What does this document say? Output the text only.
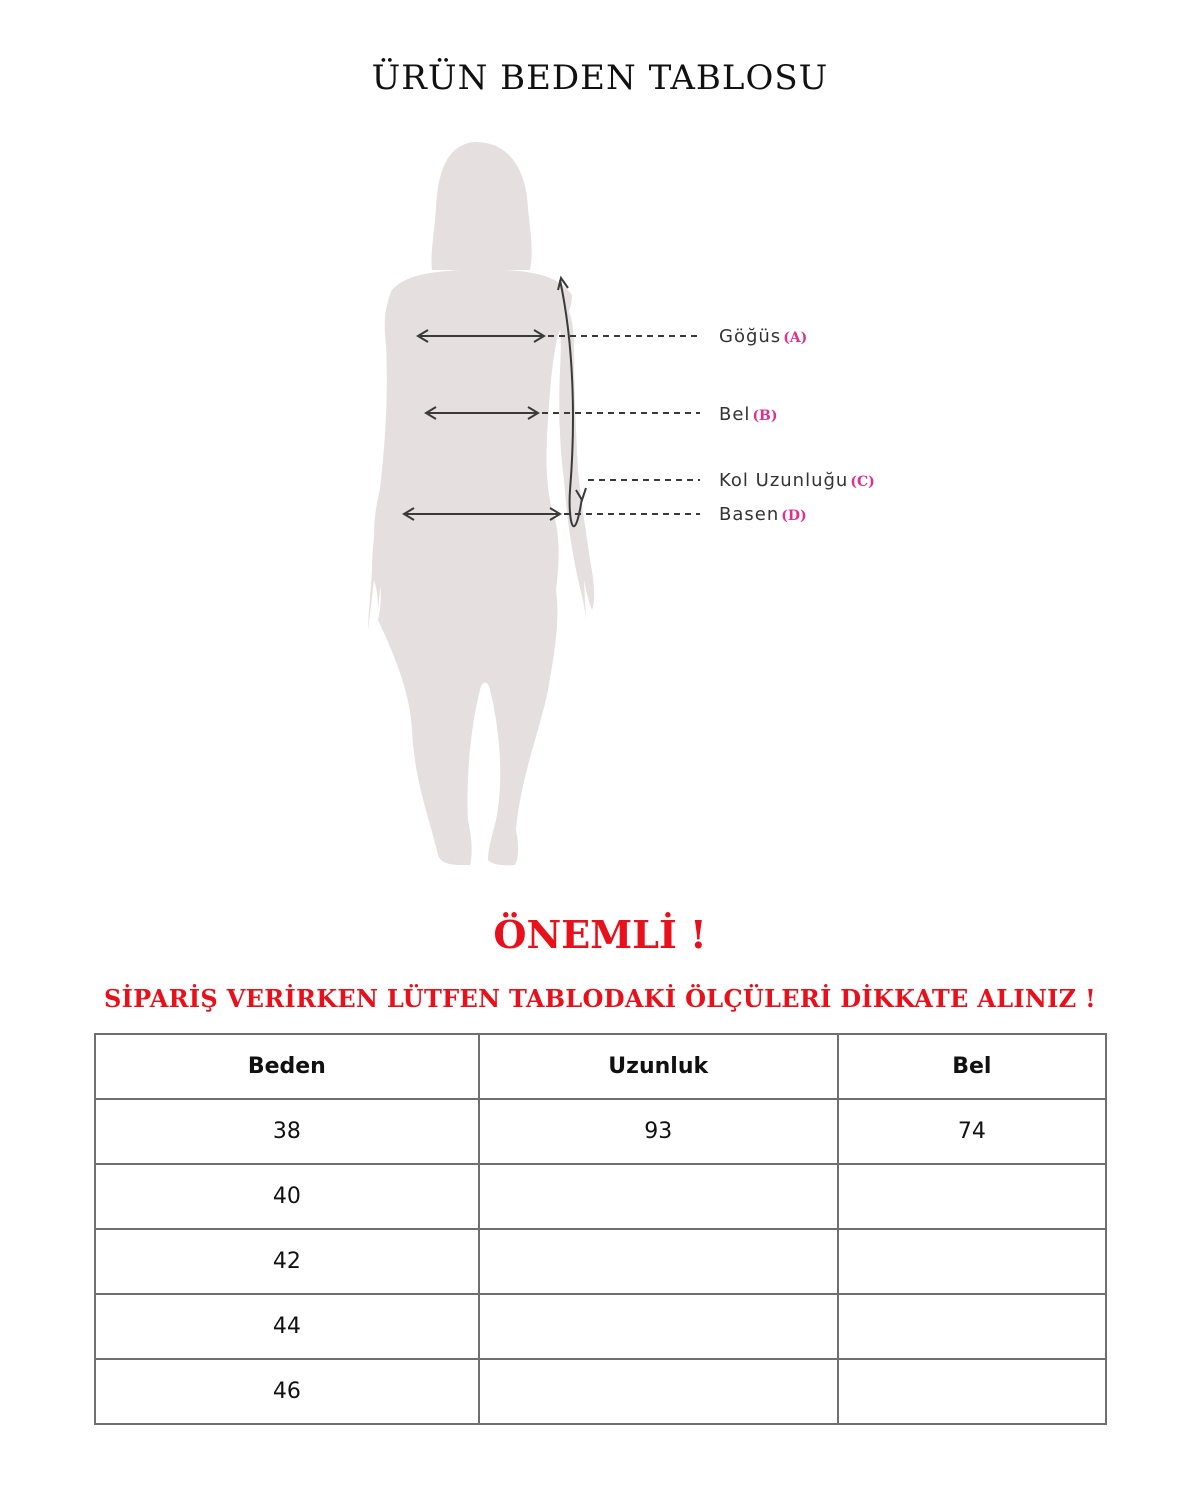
ÜRÜN BEDEN TABLOSU
Göğüs (A)
Bel (B)
Kol Uzunluğu (C)
Basen (D)
ÖNEMLİ !
SİPARİŞ VERİRKEN LÜTFEN TABLODAKİ ÖLÇÜLERİ DİKKATE ALINIZ !
Beden	Uzunluk	Bel
38	93	74
40		
42		
44		
46		
